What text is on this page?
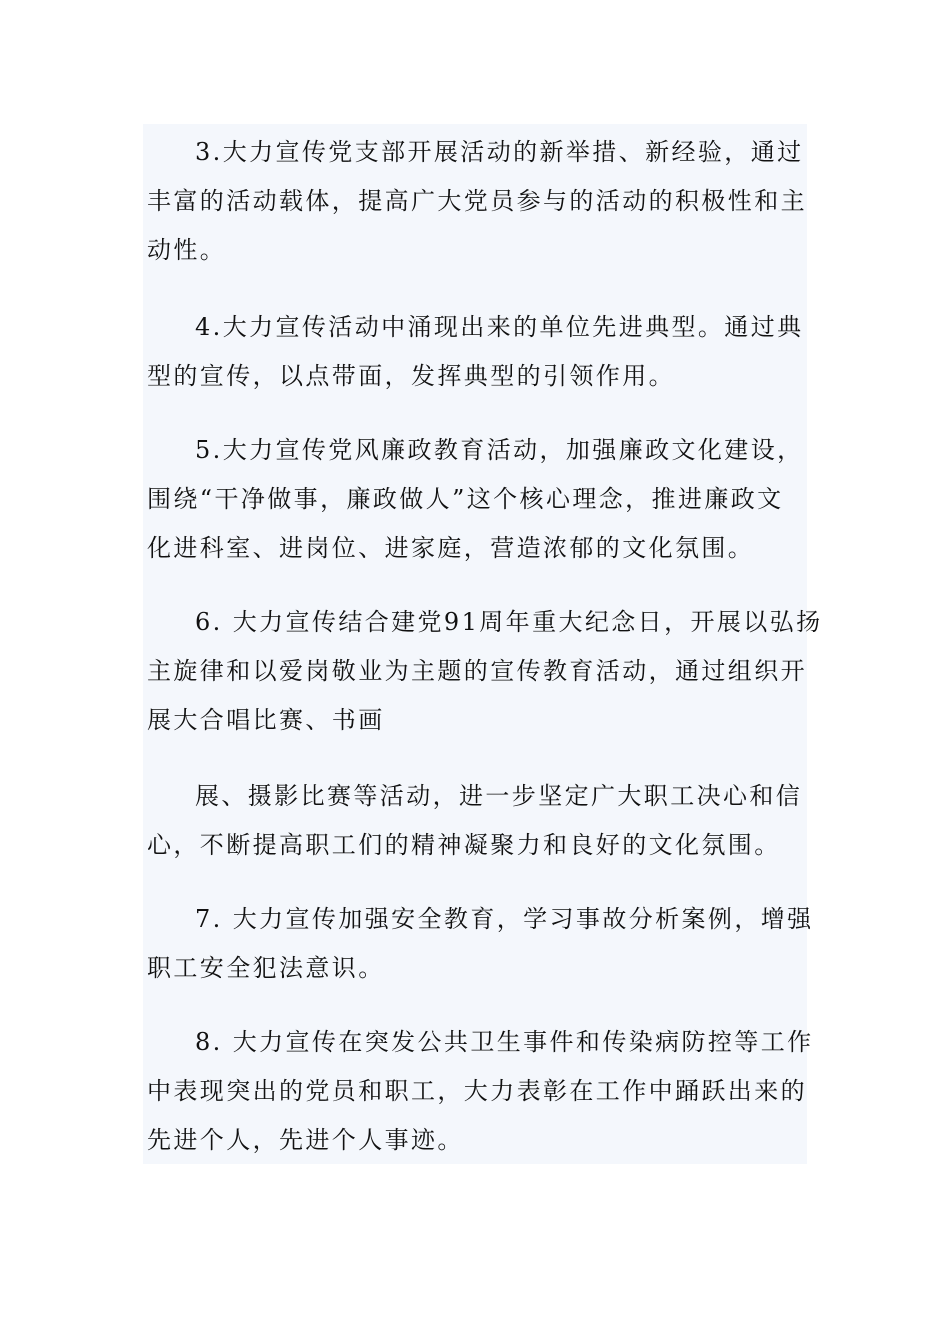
3.大力宣传党支部开展活动的新举措、新经验，通过

丰富的活动载体，提高广大党员参与的活动的积极性和主

动性。

4.大力宣传活动中涌现出来的单位先进典型。通过典

型的宣传，以点带面，发挥典型的引领作用。

5.大力宣传党风廉政教育活动，加强廉政文化建设，

围绕“干净做事，廉政做人”这个核心理念，推进廉政文

化进科室、进岗位、进家庭，营造浓郁的文化氛围。

6. 大力宣传结合建党91周年重大纪念日，开展以弘扬

主旋律和以爱岗敬业为主题的宣传教育活动，通过组织开

展大合唱比赛、书画

展、摄影比赛等活动，进一步坚定广大职工决心和信

心，不断提高职工们的精神凝聚力和良好的文化氛围。

7. 大力宣传加强安全教育，学习事故分析案例，增强

职工安全犯法意识。

8. 大力宣传在突发公共卫生事件和传染病防控等工作

中表现突出的党员和职工，大力表彰在工作中踊跃出来的

先进个人，先进个人事迹。
